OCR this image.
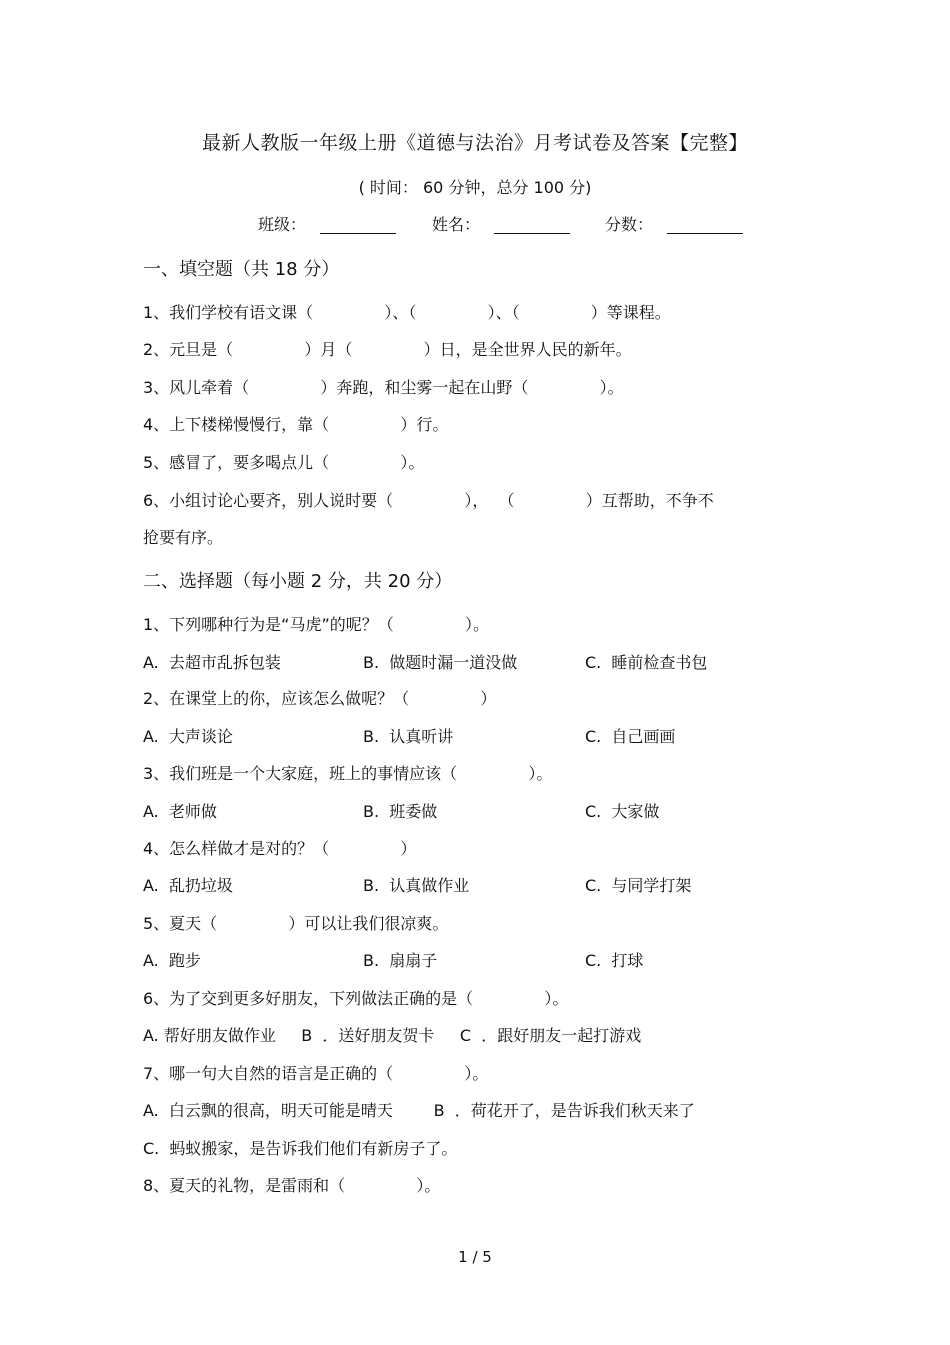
最新人教版一年级上册《道德与法治》月考试卷及答案【完整】
( 时间： 60 分钟，总分 100 分)
班级：	姓名：	分数：
一、填空题（共 18 分）
1、我们学校有语文课（              ）、（              ）、（              ）等课程。
2、元旦是（              ）月（              ）日，是全世界人民的新年。
3、风儿牵着（              ）奔跑，和尘雾一起在山野（              ）。
4、上下楼梯慢慢行，靠（              ）行。
5、感冒了，要多喝点儿（              ）。
6、小组讨论心要齐，别人说时要（              ），  （              ）互帮助，不争不
抢要有序。
二、选择题（每小题 2 分，共 20 分）
1、下列哪种行为是“马虎”的呢？（              ）。
A.  去超市乱拆包装	B.  做题时漏一道没做	C.  睡前检查书包
2、在课堂上的你，应该怎么做呢？（              ）
A.  大声谈论	B.  认真听讲	C.  自己画画
3、我们班是一个大家庭，班上的事情应该（              ）。
A.  老师做	B.  班委做	C.  大家做
4、怎么样做才是对的？（              ）
A.  乱扔垃圾	B.  认真做作业	C.  与同学打架
5、夏天（              ）可以让我们很凉爽。
A.  跑步	B.  扇扇子	C.  打球
6、为了交到更多好朋友，下列做法正确的是（              ）。
A. 帮好朋友做作业     B  ．送好朋友贺卡     C  ．跟好朋友一起打游戏
7、哪一句大自然的语言是正确的（              ）。
A.  白云飘的很高，明天可能是晴天        B  ．荷花开了，是告诉我们秋天来了
C.  蚂蚁搬家，是告诉我们他们有新房子了。
8、夏天的礼物，是雷雨和（              ）。
1 / 5
